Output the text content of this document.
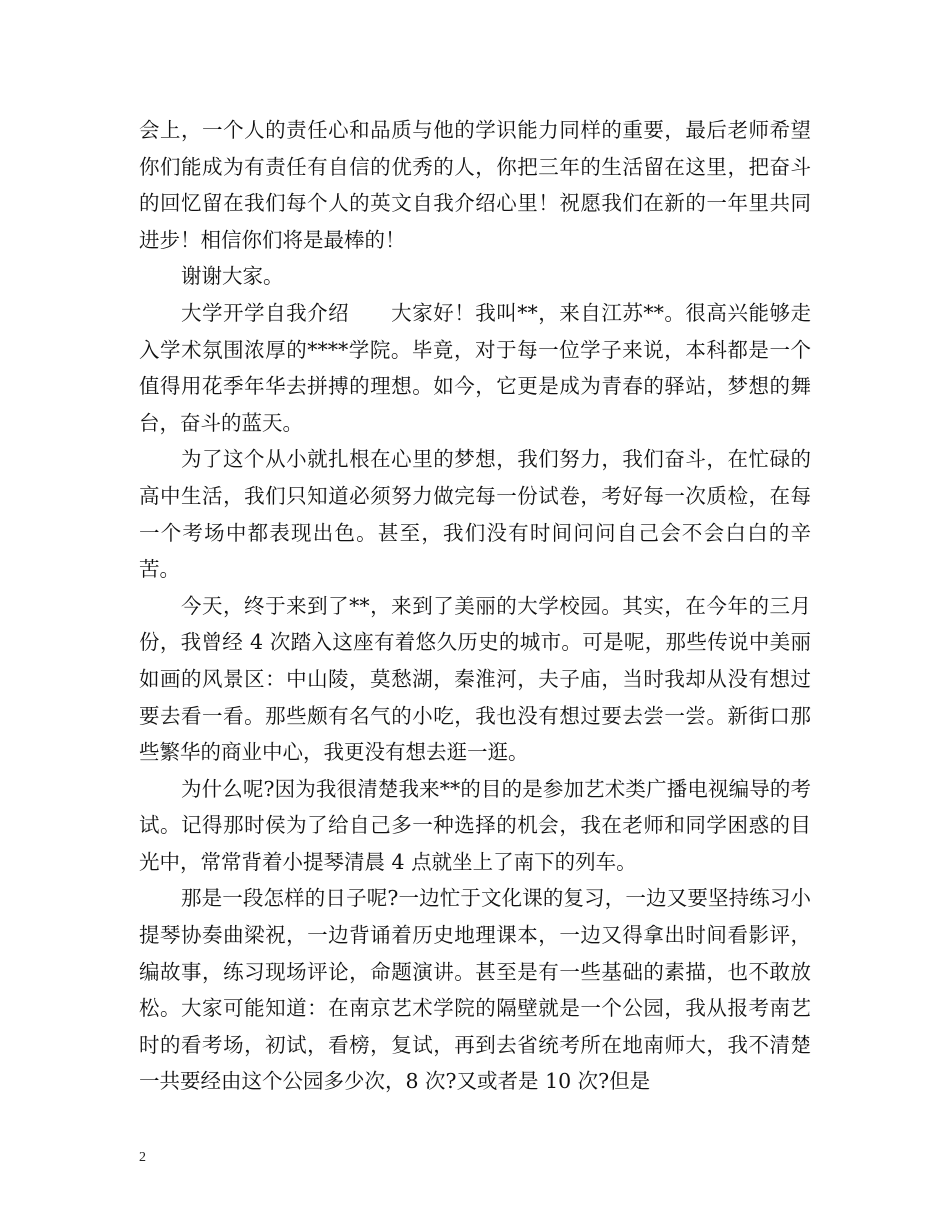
会上，一个人的责任心和品质与他的学识能力同样的重要，最后老师希望你们能成为有责任有自信的优秀的人，你把三年的生活留在这里，把奋斗的回忆留在我们每个人的英文自我介绍心里！祝愿我们在新的一年里共同进步！相信你们将是最棒的！

谢谢大家。

大学开学自我介绍　　大家好！我叫**，来自江苏**。很高兴能够走入学术氛围浓厚的****学院。毕竟，对于每一位学子来说，本科都是一个值得用花季年华去拼搏的理想。如今，它更是成为青春的驿站，梦想的舞台，奋斗的蓝天。

为了这个从小就扎根在心里的梦想，我们努力，我们奋斗，在忙碌的高中生活，我们只知道必须努力做完每一份试卷，考好每一次质检，在每一个考场中都表现出色。甚至，我们没有时间问问自己会不会白白的辛苦。

今天，终于来到了**，来到了美丽的大学校园。其实，在今年的三月份，我曾经 4 次踏入这座有着悠久历史的城市。可是呢，那些传说中美丽如画的风景区：中山陵，莫愁湖，秦淮河，夫子庙，当时我却从没有想过要去看一看。那些颇有名气的小吃，我也没有想过要去尝一尝。新街口那些繁华的商业中心，我更没有想去逛一逛。

为什么呢?因为我很清楚我来**的目的是参加艺术类广播电视编导的考试。记得那时侯为了给自己多一种选择的机会，我在老师和同学困惑的目光中，常常背着小提琴清晨 4 点就坐上了南下的列车。

那是一段怎样的日子呢?一边忙于文化课的复习，一边又要坚持练习小提琴协奏曲梁祝，一边背诵着历史地理课本，一边又得拿出时间看影评，编故事，练习现场评论，命题演讲。甚至是有一些基础的素描，也不敢放松。大家可能知道：在南京艺术学院的隔壁就是一个公园，我从报考南艺时的看考场，初试，看榜，复试，再到去省统考所在地南师大，我不清楚一共要经由这个公园多少次，8 次?又或者是 10 次?但是

2
